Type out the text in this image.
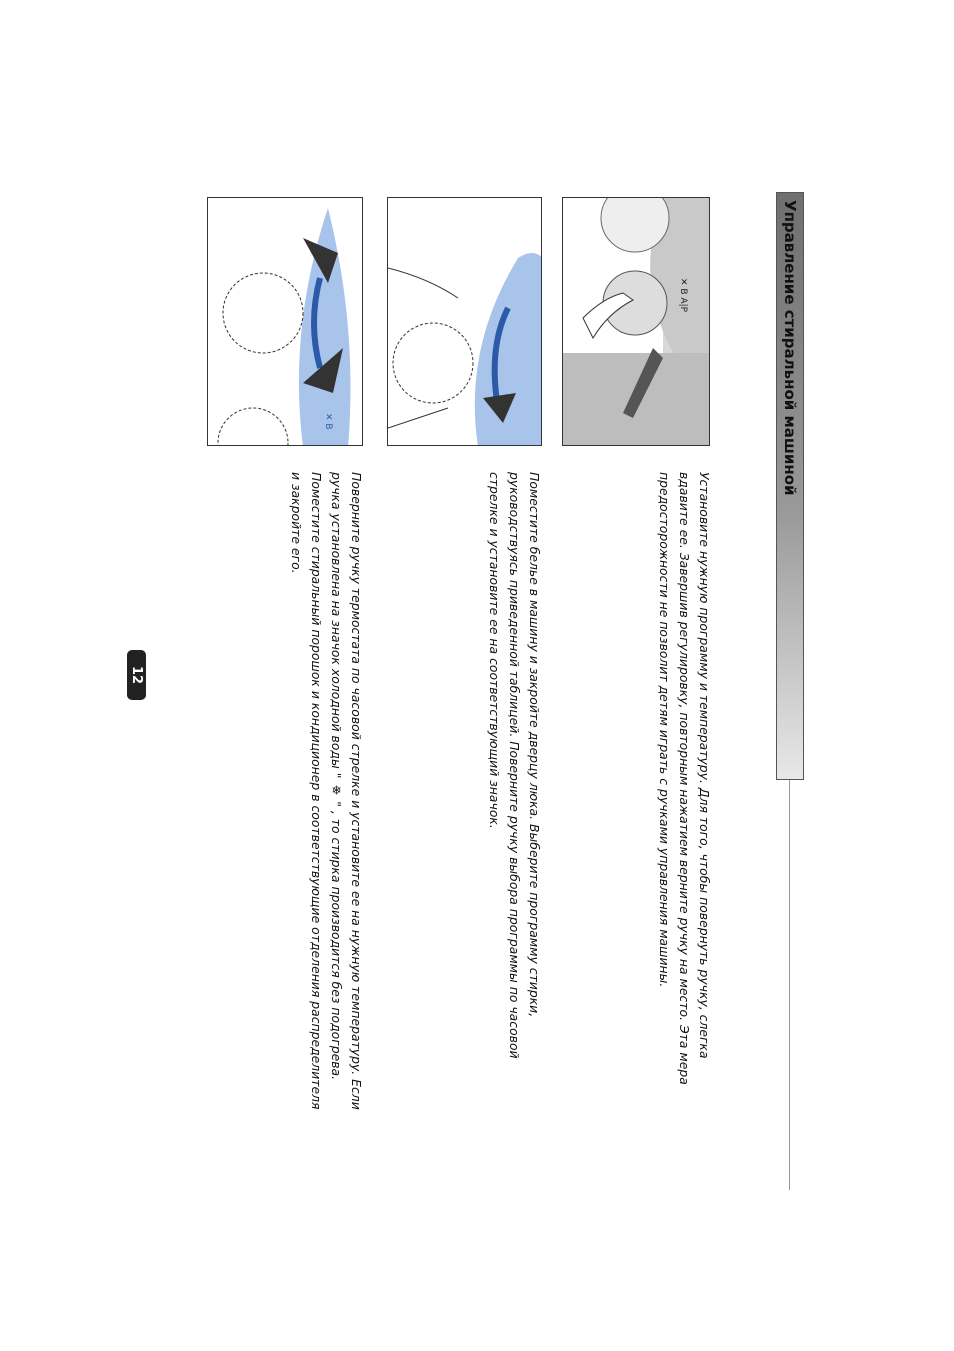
Управление стиральной машиной
✕ B A|P
✕ B
Установите нужную программу и температуру. Для того, чтобы повернуть ручку, слегка вдавите ее. Завершив регулировку, повторным нажатием верните ручку на место. Эта мера предосторожности не позволит детям играть с ручками управления машины.
Поместите белье в машину и закройте дверцу люка. Выберите программу стирки, руководствуясь приведенной таблицей. Поверните ручку выбора программы по часовой стрелке и установите ее на соответствующий значок.
Поверните ручку термостата по часовой стрелке и установите ее на нужную температуру. Если ручка установлена на значок холодной воды " ❄ " , то стирка производится без подогрева. Поместите стиральный порошок и кондиционер в соответствующие отделения распределителя и закройте его.
12
